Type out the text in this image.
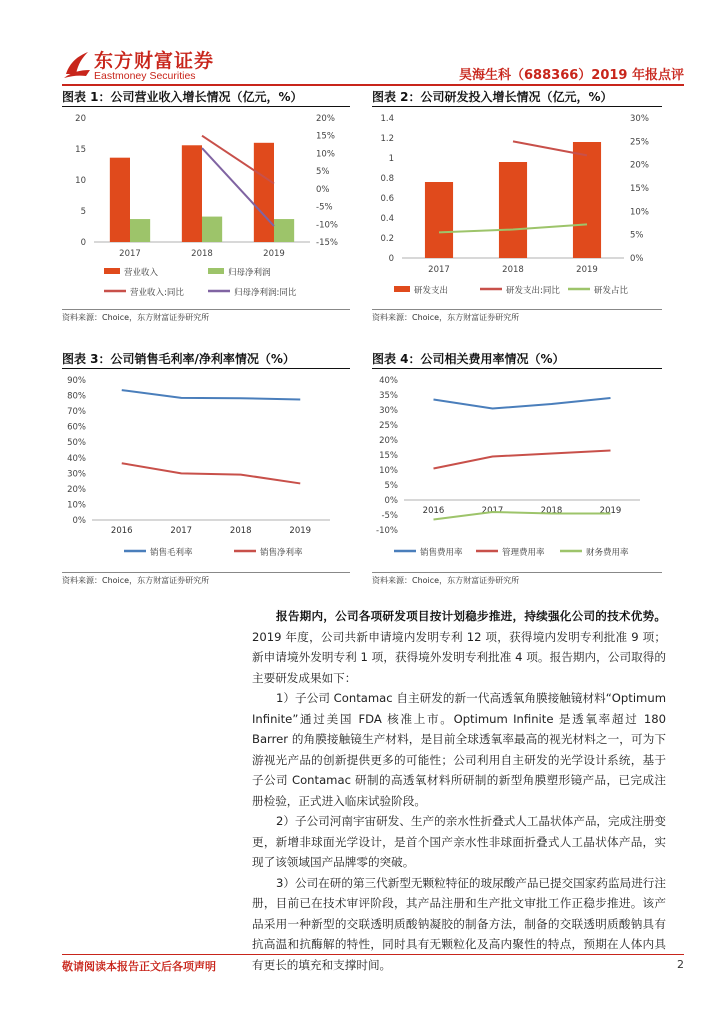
东方财富证券
Eastmoney Securities	昊海生科（688366）2019 年报点评
图表 1：公司营业收入增长情况（亿元，%）
0
5
10
15
20	20%
15%
10%
5%
0%
-5%
-10%
-15%
2017	2018	2019
营业收入	归母净利润
营业收入:同比	归母净利润:同比
资料来源：Choice，东方财富证券研究所
图表 2：公司研发投入增长情况（亿元，%）
0
0.2
0.4
0.6
0.8
1
1.2
1.4
0%
5%
10%
15%
20%
25%
30%
2017	2018	2019
研发支出	研发支出:同比	研发占比
资料来源：Choice，东方财富证券研究所
图表 3：公司销售毛利率/净利率情况（%）
0%
10%
20%
30%
40%
50%
60%
70%
80%
90%
2016	2017	2018	2019
销售毛利率	销售净利率
资料来源：Choice，东方财富证券研究所
图表 4：公司相关费用率情况（%）
-10%
-5%
0%
5%
10%
15%
20%
25%
30%
35%
40%
2016	2017	2018	2019
销售费用率	管理费用率	财务费用率
资料来源：Choice，东方财富证券研究所
报告期内，公司各项研发项目按计划稳步推进，持续强化公司的技术优势。2019 年度，公司共新申请境内发明专利 12 项，获得境内发明专利批准 9 项；新申请境外发明专利 1 项，获得境外发明专利批准 4 项。报告期内，公司取得的主要研发成果如下：
1）子公司 Contamac 自主研发的新一代高透氧角膜接触镜材料“Optimum Infinite”通过美国 FDA 核准上市。Optimum Infinite 是透氧率超过 180 Barrer 的角膜接触镜生产材料，是目前全球透氧率最高的视光材料之一，可为下游视光产品的创新提供更多的可能性；公司利用自主研发的光学设计系统，基于子公司 Contamac 研制的高透氧材料所研制的新型角膜塑形镜产品，已完成注册检验，正式进入临床试验阶段。
2）子公司河南宇宙研发、生产的亲水性折叠式人工晶状体产品，完成注册变更，新增非球面光学设计，是首个国产亲水性非球面折叠式人工晶状体产品，实现了该领域国产品牌零的突破。
3）公司在研的第三代新型无颗粒特征的玻尿酸产品已提交国家药监局进行注册，目前已在技术审评阶段，其产品注册和生产批文审批工作正稳步推进。该产品采用一种新型的交联透明质酸钠凝胶的制备方法，制备的交联透明质酸钠具有抗高温和抗酶解的特性，同时具有无颗粒化及高内聚性的特点，预期在人体内具有更长的填充和支撑时间。
敬请阅读本报告正文后各项声明	2
